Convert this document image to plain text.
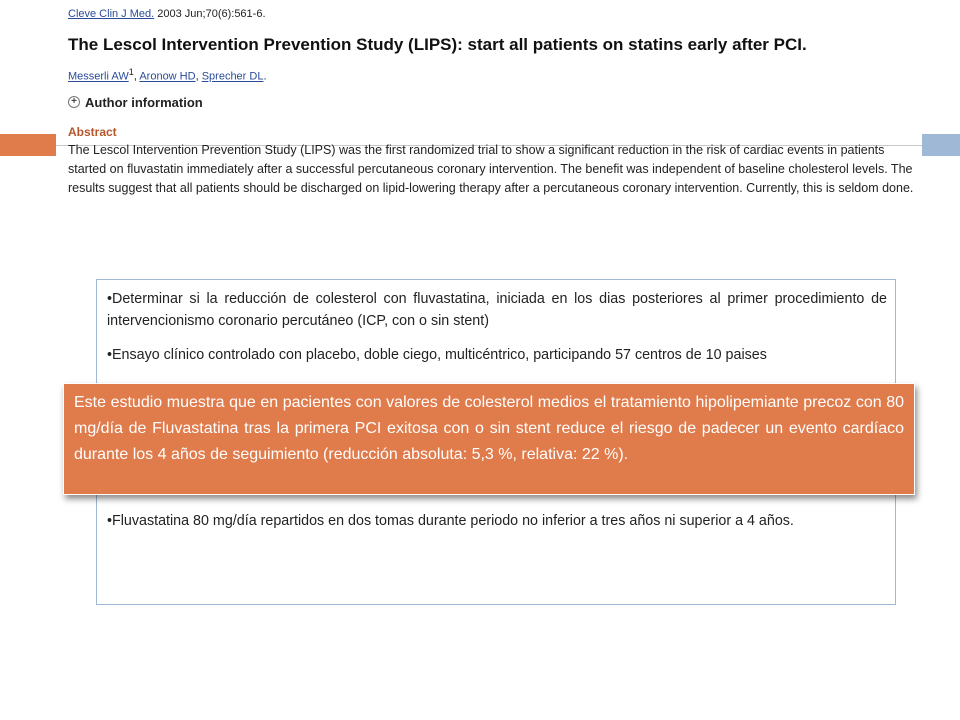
Cleve Clin J Med. 2003 Jun;70(6):561-6.

The Lescol Intervention Prevention Study (LIPS): start all patients on statins early after PCI.

Messerli $AW^1$, Aronow HD, Sprecher DL.

+ Author information
Abstract

The Lescol Intervention Prevention Study (LIPS) was the first randomized trial to show a significant reduction in the risk of cardiac events in patients started on fluvastatin immediately after a successful percutaneous coronary intervention. The benefit was independent of baseline cholesterol levels. The results suggest that all patients should be discharged on lipid-lowering therapy after a percutaneous coronary intervention. Currently, this is seldom done.

•Determinar si la reducción de colesterol con fluvastatina, iniciada en los dias posteriores al primer procedimiento de intervencionismo coronario percutáneo (ICP, con o sin stent)

•Ensayo clínico controlado con placebo, doble ciego, multicéntrico, participando 57 centros de 10 paises

•Fluvastatina 80 mg/día repartidos en dos tomas durante periodo no inferior a tres años ni superior a 4 años.

Este estudio muestra que en pacientes con valores de colesterol medios el tratamiento hipolipemiante precoz con 80 mg/día de Fluvastatina tras la primera PCI exitosa con o sin stent reduce el riesgo de padecer un evento cardíaco durante los 4 años de seguimiento (reducción absoluta: 5,3 %, relativa: 22 %).
